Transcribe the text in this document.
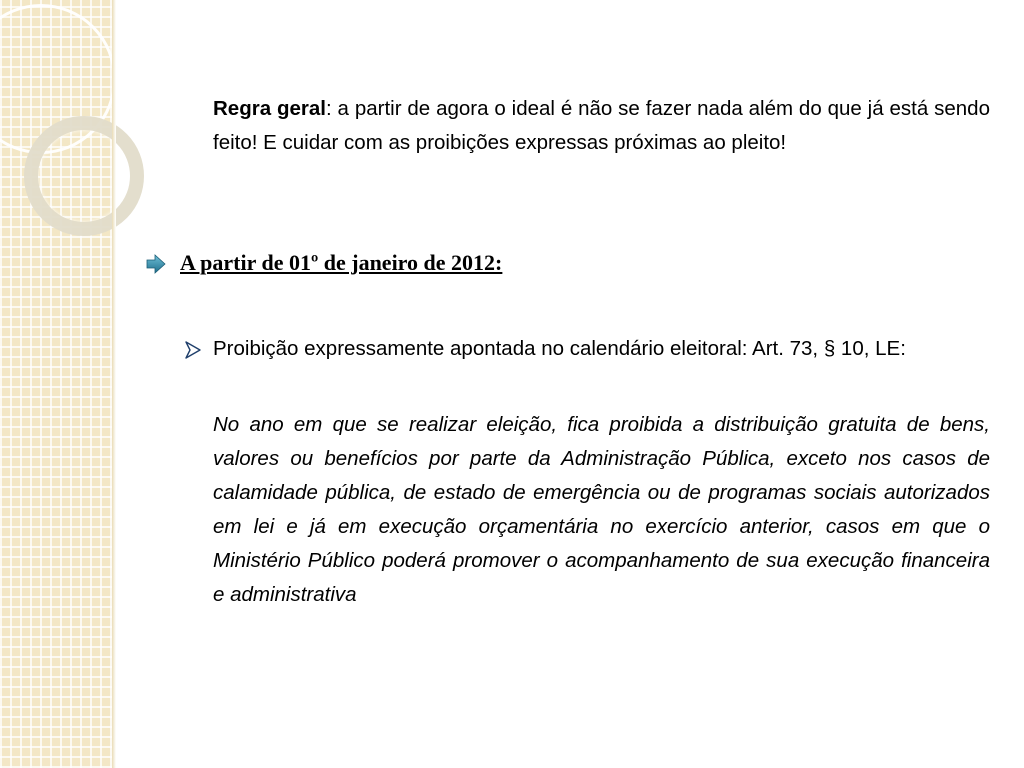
Regra geral: a partir de agora o ideal é não se fazer nada além do que já está sendo feito! E cuidar com as proibições expressas próximas ao pleito!

A partir de 01º de janeiro de 2012:
Proibição expressamente apontada no calendário eleitoral: Art. 73, § 10, LE:

No ano em que se realizar eleição, fica proibida a distribuição gratuita de bens, valores ou benefícios por parte da Administração Pública, exceto nos casos de calamidade pública, de estado de emergência ou de programas sociais autorizados em lei e já em execução orçamentária no exercício anterior, casos em que o Ministério Público poderá promover o acompanhamento de sua execução financeira e administrativa
